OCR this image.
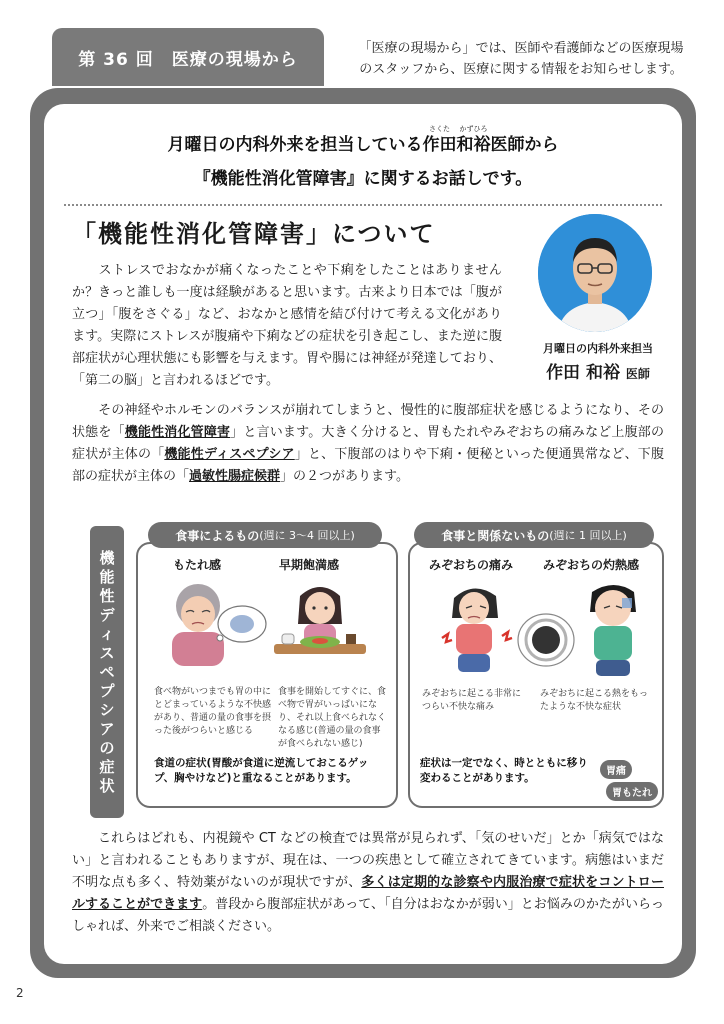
第 36 回　医療の現場から
「医療の現場から」では、医師や看護師などの医療現場
のスタッフから、医療に関する情報をお知らせします。
月曜日の内科外来を担当している
さくた
作田
かずひろ
和裕医師から
『機能性消化管障害』に関するお話しです。
「機能性消化管障害」について
ストレスでおなかが痛くなったことや下痢をしたことはありませんか？きっと誰しも一度は経験があると思います。古来より日本では「腹が立つ」「腹をさぐる」など、おなかと感情を結び付けて考える文化があります。実際にストレスが腹痛や下痢などの症状を引き起こし、また逆に腹部症状が心理状態にも影響を与えます。胃や腸には神経が発達しており、「第二の脳」と言われるほどです。
月曜日の内科外来担当
作田 和裕 医師
その神経やホルモンのバランスが崩れてしまうと、慢性的に腹部症状を感じるようになり、その状態を「機能性消化管障害」と言います。大きく分けると、胃もたれやみぞおちの痛みなど上腹部の症状が主体の「機能性ディスペプシア」と、下腹部のはりや下痢・便秘といった便通異常など、下腹部の症状が主体の「過敏性腸症候群」の２つがあります。
機
能
性
デ
ィ
ス
ペ
プ
シ
ア
の
症
状
食事によるもの (週に 3〜4 回以上)
もたれ感	早期飽満感
食べ物がいつまでも胃の中にとどまっているような不快感があり、普通の量の食事を摂った後がつらいと感じる
食事を開始してすぐに、食べ物で胃がいっぱいになり、それ以上食べられなくなる感じ(普通の量の食事が食べられない感じ)
食道の症状(胃酸が食道に逆流しておこるゲップ、胸やけなど)と重なることがあります。
食事と関係ないもの (週に 1 回以上)
みぞおちの痛み	みぞおちの灼熱感
みぞおちに起こる非常につらい不快な痛み
みぞおちに起こる熱をもったような不快な症状
症状は一定でなく、時とともに移り変わることがあります。
胃痛
胃もたれ
これらはどれも、内視鏡や CT などの検査では異常が見られず、「気のせいだ」とか「病気ではない」と言われることもありますが、現在は、一つの疾患として確立されてきています。病態はいまだ不明な点も多く、特効薬がないのが現状ですが、多くは定期的な診察や内服治療で症状をコントロールすることができます。普段から腹部症状があって、「自分はおなかが弱い」とお悩みのかたがいらっしゃれば、外来でご相談ください。
2
